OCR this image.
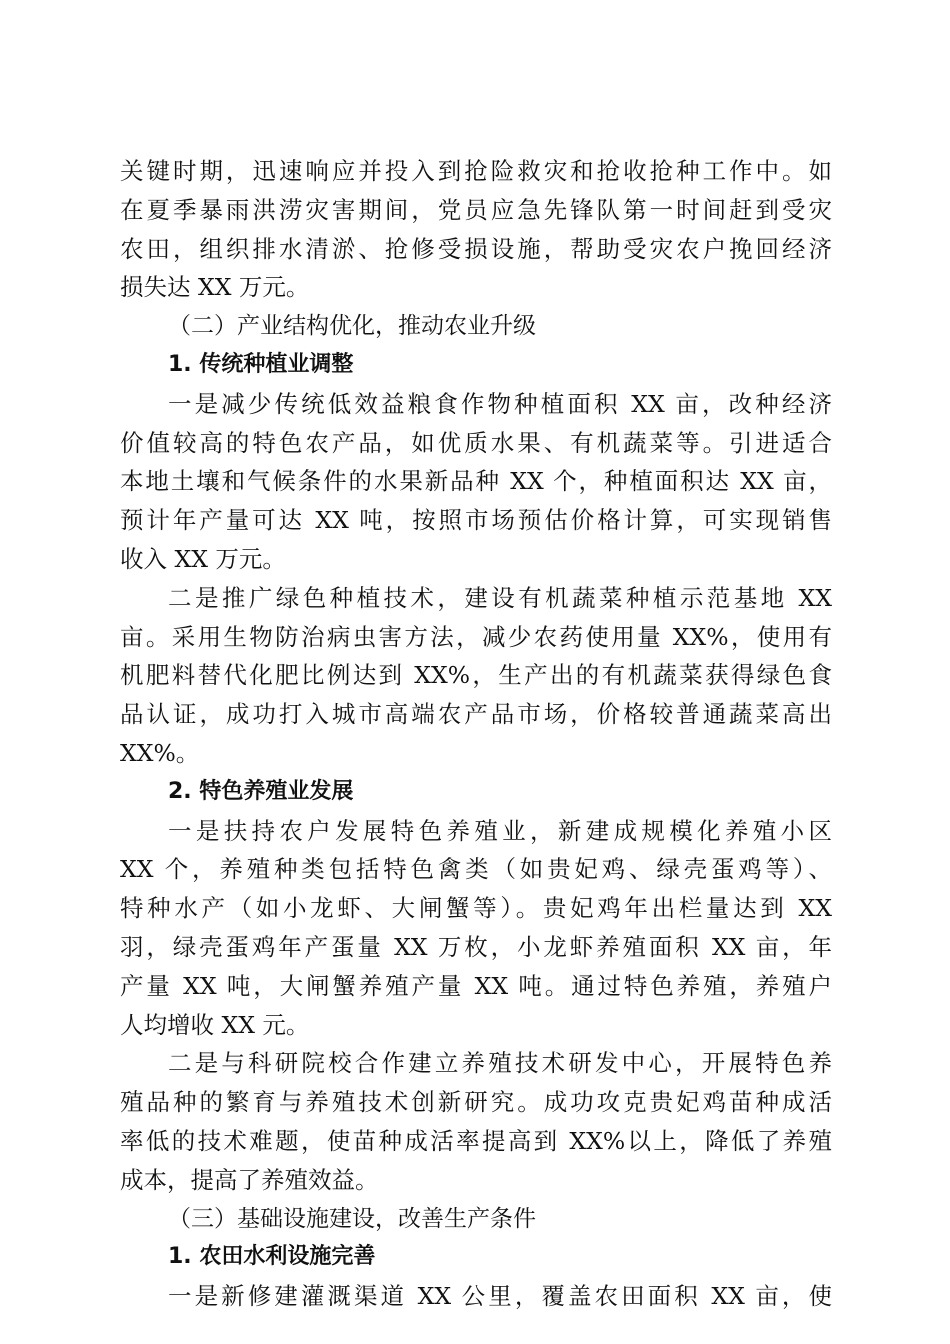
关键时期，迅速响应并投入到抢险救灾和抢收抢种工作中。如
在夏季暴雨洪涝灾害期间，党员应急先锋队第一时间赶到受灾
农田，组织排水清淤、抢修受损设施，帮助受灾农户挽回经济
损失达 XX 万元。
（二）产业结构优化，推动农业升级
1. 传统种植业调整
一是减少传统低效益粮食作物种植面积 XX 亩，改种经济
价值较高的特色农产品，如优质水果、有机蔬菜等。引进适合
本地土壤和气候条件的水果新品种 XX 个，种植面积达 XX 亩，
预计年产量可达 XX 吨，按照市场预估价格计算，可实现销售
收入 XX 万元。
二是推广绿色种植技术，建设有机蔬菜种植示范基地 XX
亩。采用生物防治病虫害方法，减少农药使用量 XX%，使用有
机肥料替代化肥比例达到 XX%，生产出的有机蔬菜获得绿色食
品认证，成功打入城市高端农产品市场，价格较普通蔬菜高出
XX%。
2. 特色养殖业发展
一是扶持农户发展特色养殖业，新建成规模化养殖小区
XX 个，养殖种类包括特色禽类（如贵妃鸡、绿壳蛋鸡等）、
特种水产（如小龙虾、大闸蟹等）。贵妃鸡年出栏量达到 XX
羽，绿壳蛋鸡年产蛋量 XX 万枚，小龙虾养殖面积 XX 亩，年
产量 XX 吨，大闸蟹养殖产量 XX 吨。通过特色养殖，养殖户
人均增收 XX 元。
二是与科研院校合作建立养殖技术研发中心，开展特色养
殖品种的繁育与养殖技术创新研究。成功攻克贵妃鸡苗种成活
率低的技术难题，使苗种成活率提高到 XX%以上，降低了养殖
成本，提高了养殖效益。
（三）基础设施建设，改善生产条件
1. 农田水利设施完善
一是新修建灌溉渠道 XX 公里，覆盖农田面积 XX 亩，使
